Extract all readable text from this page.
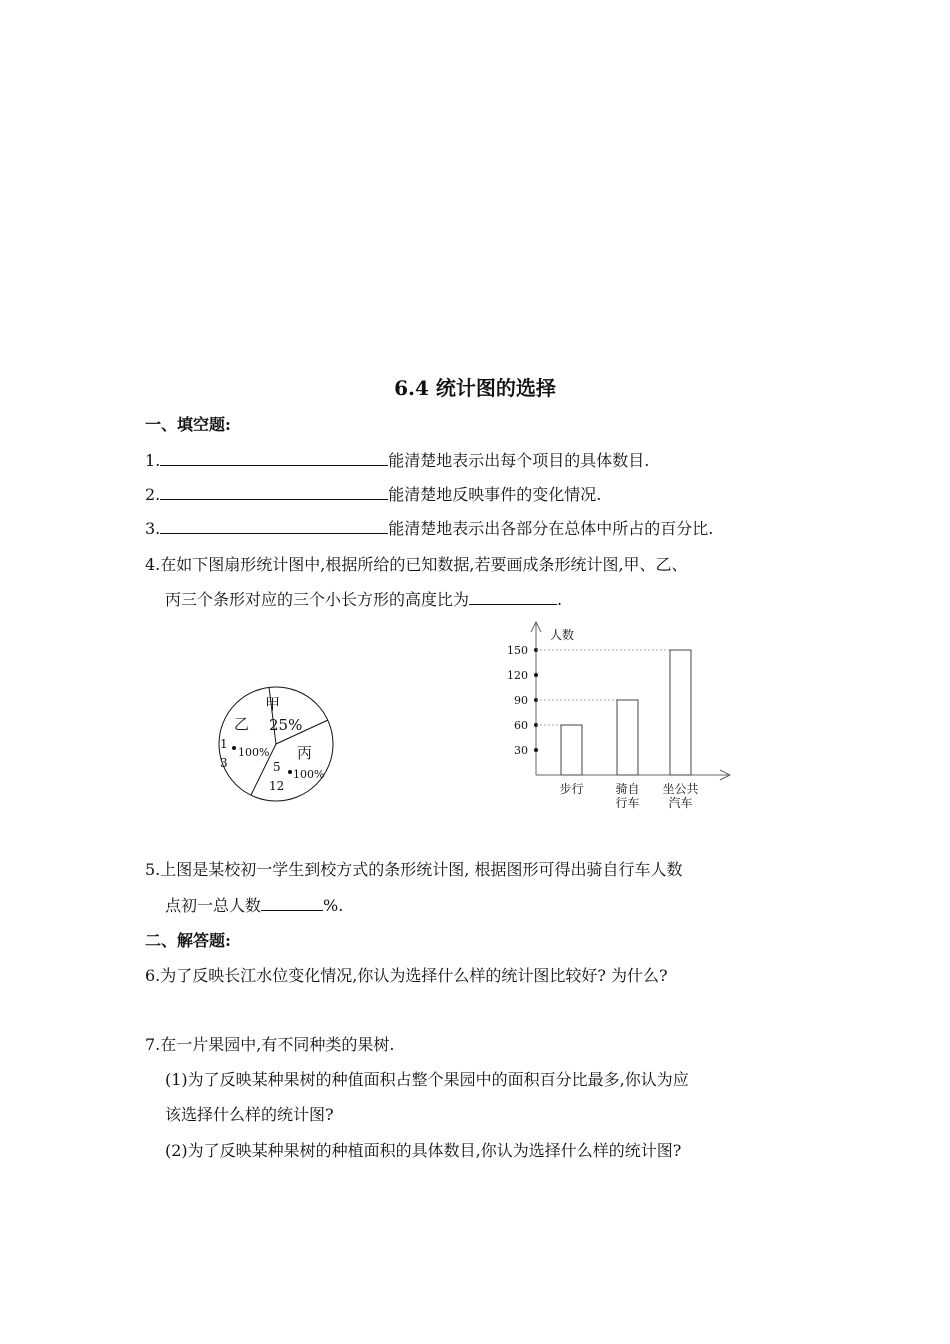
6.4 统计图的选择
一、填空题:
1.	能清楚地表示出每个项目的具体数目.
2.	能清楚地反映事件的变化情况.
3.	能清楚地表示出各部分在总体中所占的百分比.
4.在如下图扇形统计图中,根据所给的已知数据,若要画成条形统计图,甲、乙、
丙三个条形对应的三个小长方形的高度比为	.
甲
25%
乙
1
3
100% 丙
5
12
100%
人数
30
60
90
120
150
步行	骑自
行车
坐公共
汽车
5.上图是某校初一学生到校方式的条形统计图, 根据图形可得出骑自行车人数
点初一总人数	%.
二、解答题:
6.为了反映长江水位变化情况,你认为选择什么样的统计图比较好? 为什么?
7.在一片果园中,有不同种类的果树.
(1)为了反映某种果树的种值面积占整个果园中的面积百分比最多,你认为应
该选择什么样的统计图?
(2)为了反映某种果树的种植面积的具体数目,你认为选择什么样的统计图?
